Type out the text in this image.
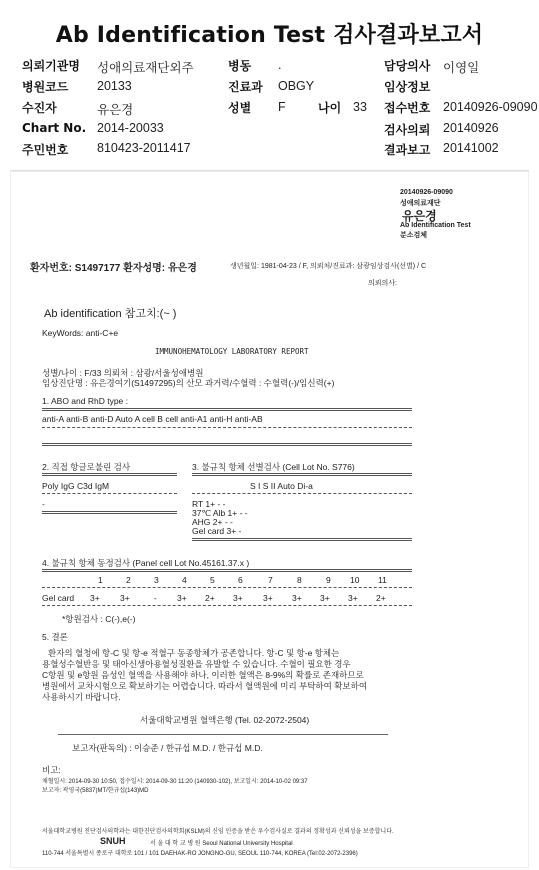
Ab Identification Test 검사결과보고서
의뢰기관명 성애의료재단외주	병동 .	담당의사 이영일
병원코드 20133	진료과 OBGY	임상정보
수진자	유은경	성별 F	나이 33 접수번호 20140926-09090
Chart No. 2014-20033	검사의뢰 20140926
주민번호 810423-2011417	결과보고 20141002
20140926-09090
성애의료재단
유은경
Ab Identification Test
분소검체
환자번호: S1497177 환자성명: 유은경	생년월일: 1981-04-23 / F, 의뢰처/진료과: 삼광임상검사(선별) / C
의뢰의사:
Ab identification 참고치:(~ )
KeyWords: anti-C+e
IMMUNOHEMATOLOGY LABORATORY REPORT
성별/나이 : F/33 의뢰처 : 삼광/서울성애병원
임상진단명 : 유은경여기(S1497295)의 산모 과거력/수혈력 : 수혈력(-)/임신력(+)
1. ABO and RhD type :
anti-A anti-B anti-D Auto A cell B cell anti-A1 anti-H anti-AB
2. 직접 항글로불린 검사
Poly IgG C3d IgM
-
3. 불규칙 항체 선별검사 (Cell Lot No. S776)
S I S II Auto Di-a
RT 1+ - -
37℃ Alb 1+ - -
AHG 2+ - -
Gel card 3+ -
4. 불규칙 항체 동정검사 (Panel cell Lot No.45161.37.x )
1	2	3	4	5	6	7	8	9 10 11
Gel card 3+ 3+	- 3+ 2+ 3+ 3+ 3+ 3+ 3+ 2+
*항원검사 : C(-),e(-)
5. 결론
환자의 혈청에 항-C 및 항-e 적혈구 동종항체가 공존합니다. 항-C 및 항-e 항체는
용혈성수혈반응 및 태아신생아용혈성질환을 유발할 수 있습니다. 수혈이 필요한 경우
C항원 및 e항원 음성인 혈액을 사용해야 하나, 이러한 혈액은 8-9%의 확률로 존재하므로
병원에서 교차시험으로 확보하기는 어렵습니다. 따라서 혈액원에 미리 부탁하여 확보하여
사용하시기 바랍니다.
서울대학교병원 혈액은행 (Tel. 02-2072-2504)
보고자(판독의) : 이승준 / 한규섭 M.D. / 한규섭 M.D.
비고:
채혈일시: 2014-09-30 10:50, 접수일시: 2014-09-30 11:20 (140930-102), 보고일시: 2014-10-02 09:37
보고자: 곽영국(5837)MT/한규섭(143)MD
서울대학교병원 진단검사의학과는 대한진단검사의학회(KSLM)의 신임 인증을 받은 우수검사실로 결과의 정확성과 신뢰성을 보증합니다.
SNUH	서 울 대 학 교 병 원 Seoul National University Hospital
110-744 서울특별시 종로구 대학로 101 / 101 DAEHAK-RO JONGNO-GU, SEOUL 110-744, KOREA (Tel:02-2072-2396)
